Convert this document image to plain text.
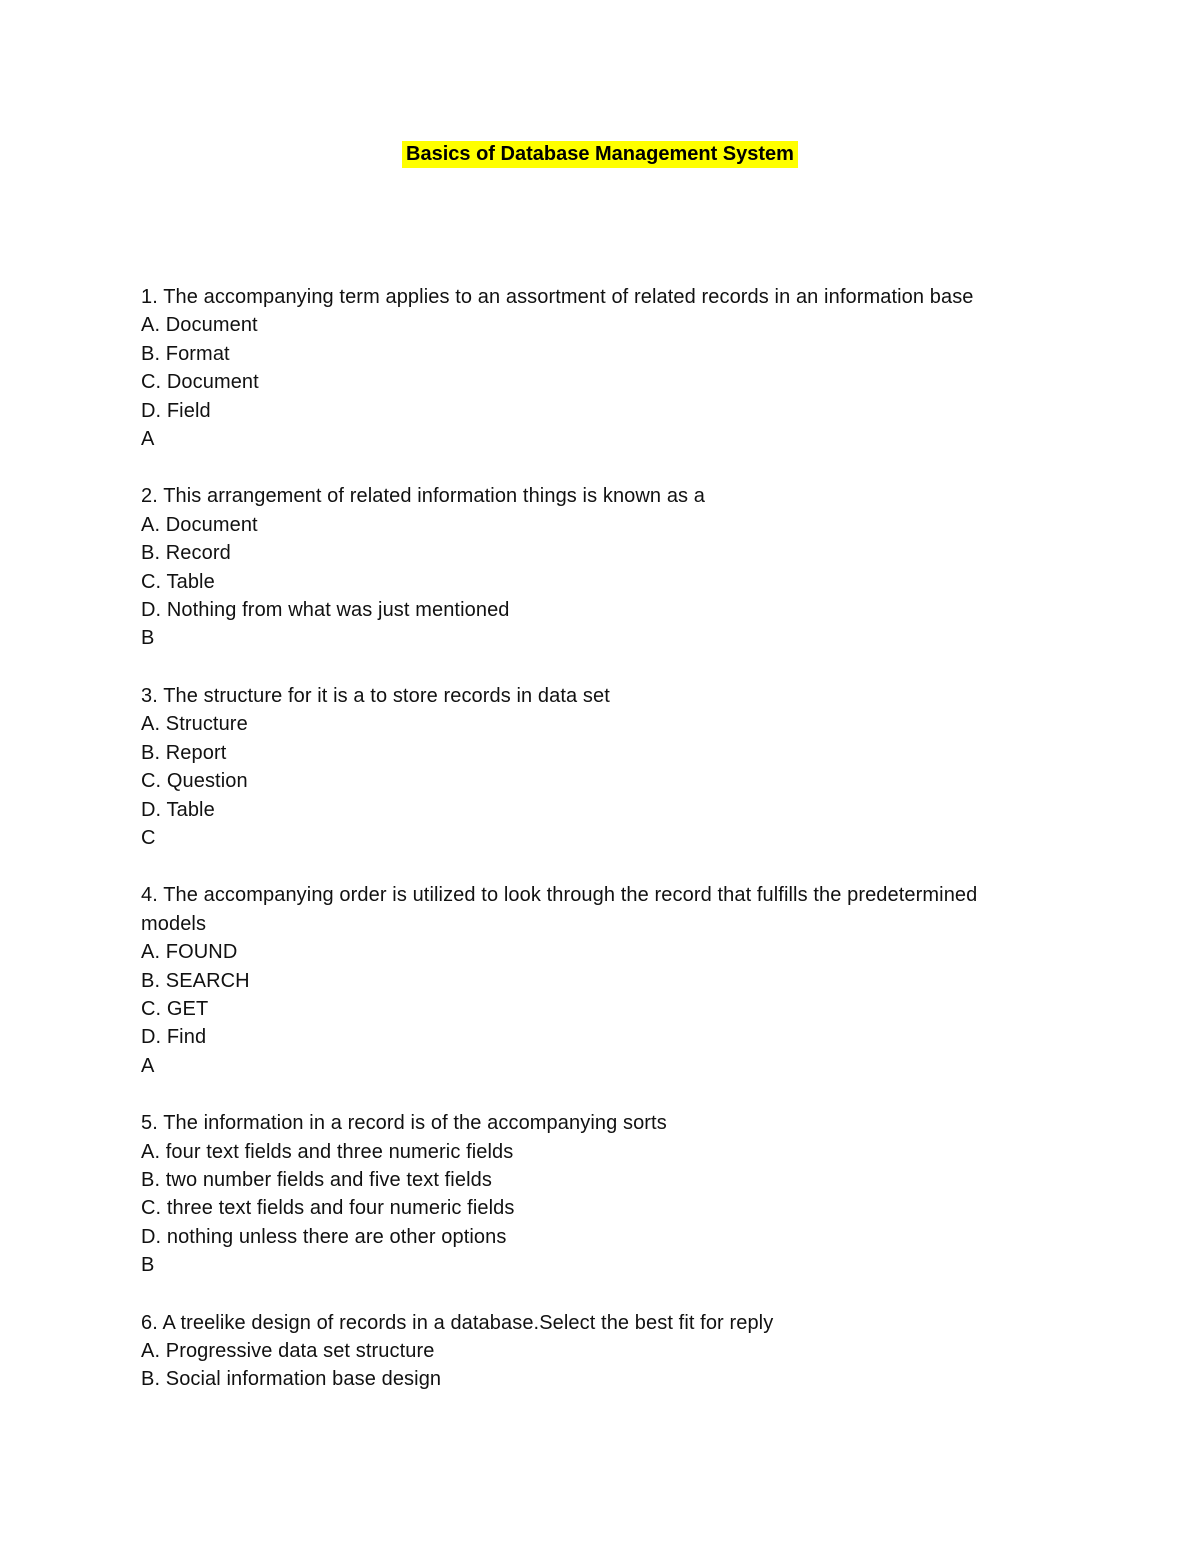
Basics of Database Management System
1. The accompanying term applies to an assortment of related records in an information base
A. Document
B. Format
C. Document
D. Field
A
2. This arrangement of related information things is known as a
A. Document
B. Record
C. Table
D. Nothing from what was just mentioned
B
3. The structure for it is a to store records in data set
A. Structure
B. Report
C. Question
D. Table
C
4. The accompanying order is utilized to look through the record that fulfills the predetermined models
A. FOUND
B. SEARCH
C. GET
D. Find
A
5. The information in a record is of the accompanying sorts
A. four text fields and three numeric fields
B. two number fields and five text fields
C. three text fields and four numeric fields
D. nothing unless there are other options
B
6. A treelike design of records in a database.Select the best fit for reply
A. Progressive data set structure
B. Social information base design
